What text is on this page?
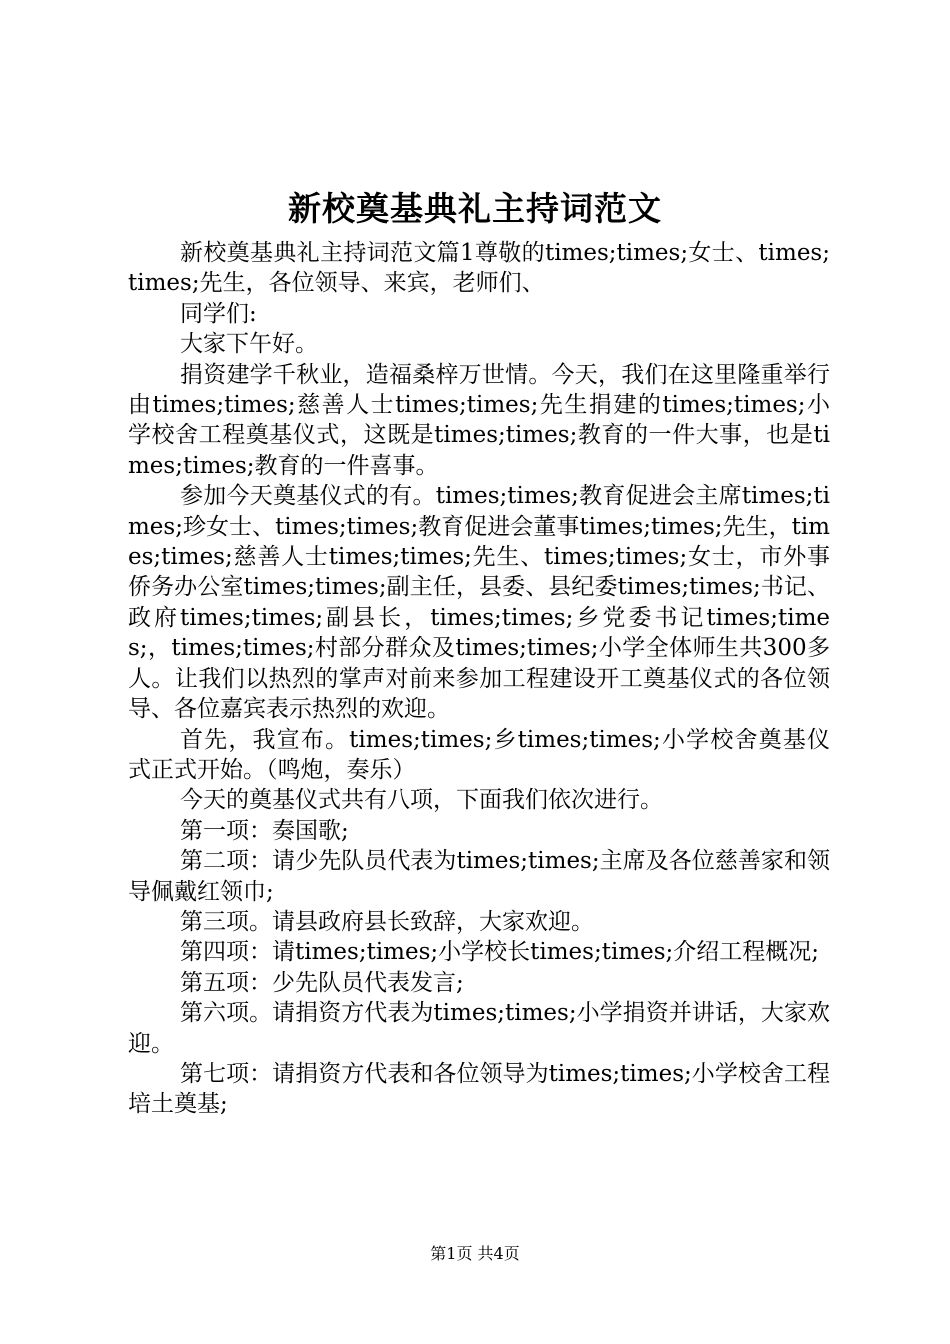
新校奠基典礼主持词范文

新校奠基典礼主持词范文篇1尊敬的times;times;女士、times;times;先生，各位领导、来宾，老师们、

同学们:

大家下午好。

捐资建学千秋业，造福桑梓万世情。今天，我们在这里隆重举行由times;times;慈善人士times;times;先生捐建的times;times;小学校舍工程奠基仪式，这既是times;times;教育的一件大事，也是times;times;教育的一件喜事。

参加今天奠基仪式的有。times;times;教育促进会主席times;times;珍女士、times;times;教育促进会董事times;times;先生，times;times;慈善人士times;times;先生、times;times;女士，市外事侨务办公室times;times;副主任，县委、县纪委times;times;书记、政府times;times;副县长，times;times;乡党委书记times;times;，times;times;村部分群众及times;times;小学全体师生共300多人。让我们以热烈的掌声对前来参加工程建设开工奠基仪式的各位领导、各位嘉宾表示热烈的欢迎。

首先，我宣布。times;times;乡times;times;小学校舍奠基仪式正式开始。（鸣炮，奏乐）

今天的奠基仪式共有八项，下面我们依次进行。

第一项：奏国歌;

第二项：请少先队员代表为times;times;主席及各位慈善家和领导佩戴红领巾;

第三项。请县政府县长致辞，大家欢迎。

第四项：请times;times;小学校长times;times;介绍工程概况;

第五项：少先队员代表发言;

第六项。请捐资方代表为times;times;小学捐资并讲话，大家欢迎。

第七项：请捐资方代表和各位领导为times;times;小学校舍工程培土奠基;

第1页 共4页
